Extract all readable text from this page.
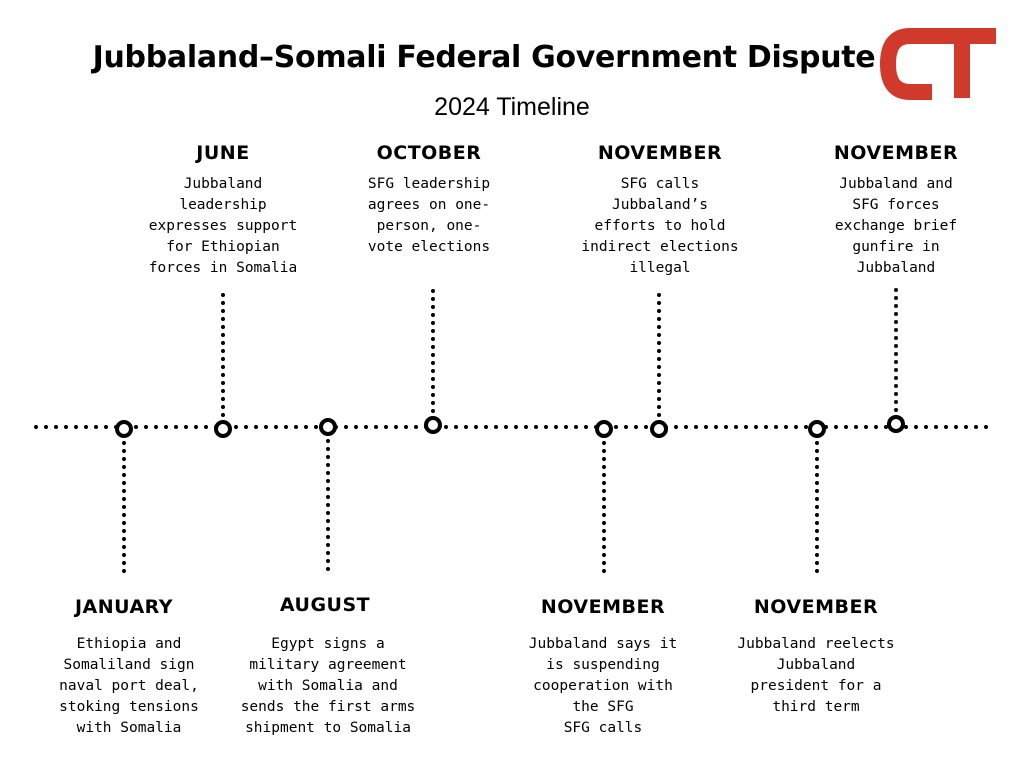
Jubbaland–Somali Federal Government Dispute
2024 Timeline
JUNE
Jubbaland
leadership
expresses support
for Ethiopian
forces in Somalia
OCTOBER
SFG leadership
agrees on one-
person, one-
vote elections
NOVEMBER
SFG calls
Jubbaland’s
efforts to hold
indirect elections
illegal
NOVEMBER
Jubbaland and
SFG forces
exchange brief
gunfire in
Jubbaland
JANUARY
Ethiopia and
Somaliland sign
naval port deal,
stoking tensions
with Somalia
AUGUST
Egypt signs a
military agreement
with Somalia and
sends the first arms
shipment to Somalia
NOVEMBER
Jubbaland says it
is suspending
cooperation with
the SFG
SFG calls
NOVEMBER
Jubbaland reelects
Jubbaland
president for a
third term
